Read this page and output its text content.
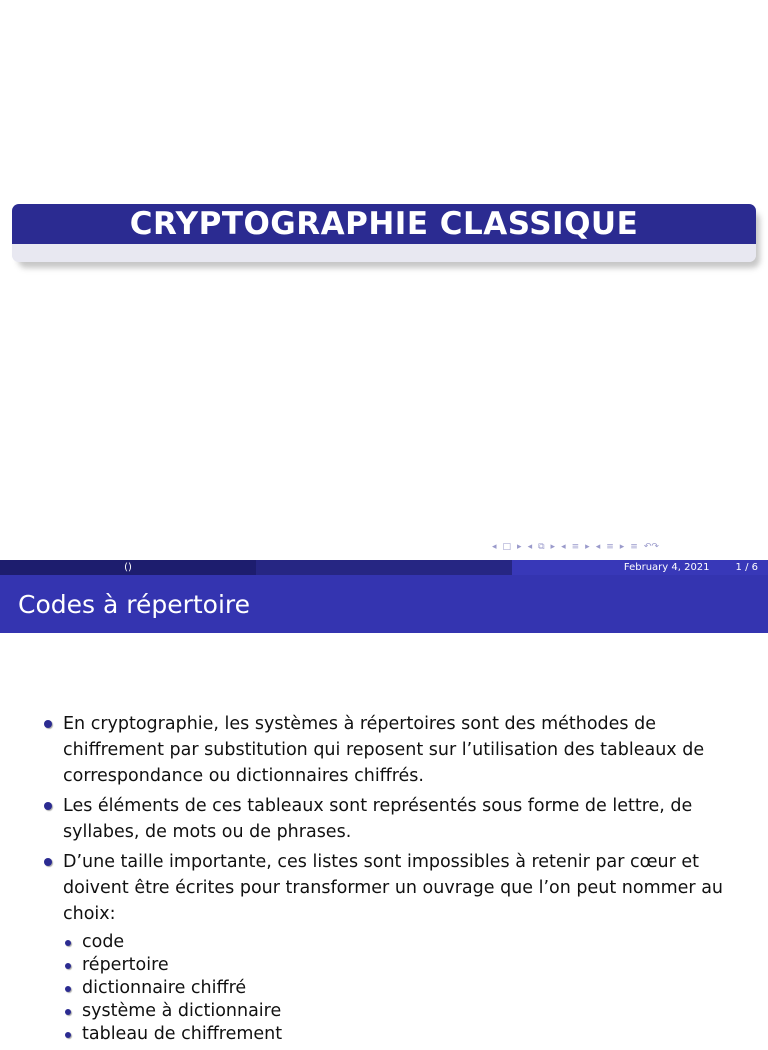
CRYPTOGRAPHIE CLASSIQUE
◂ □ ▸ ◂ ⧉ ▸ ◂ ≡ ▸ ◂ ≡ ▸ ≡ ↶↷
()	February 4, 2021	1 / 6
Codes à répertoire
En cryptographie, les systèmes à répertoires sont des méthodes de chiffrement par substitution qui reposent sur l’utilisation des tableaux de correspondance ou dictionnaires chiffrés.
Les éléments de ces tableaux sont représentés sous forme de lettre, de syllabes, de mots ou de phrases.
D’une taille importante, ces listes sont impossibles à retenir par cœur et doivent être écrites pour transformer un ouvrage que l’on peut nommer au choix:
code
répertoire
dictionnaire chiffré
système à dictionnaire
tableau de chiffrement
